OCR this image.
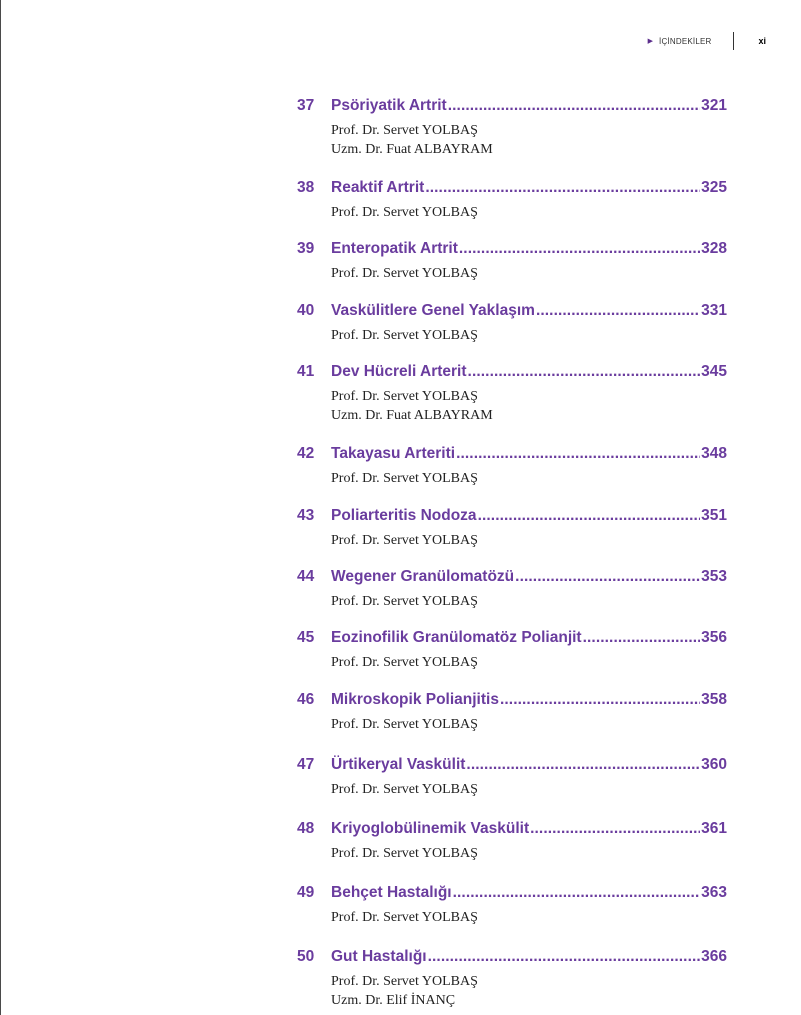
▶ İÇİNDEKİLER	xi
37	Psöriyatik Artrit .....	321
Prof. Dr. Servet YOLBAŞ
Uzm. Dr. Fuat ALBAYRAM
38	Reaktif Artrit .....	325
Prof. Dr. Servet YOLBAŞ
39	Enteropatik Artrit .....	328
Prof. Dr. Servet YOLBAŞ
40	Vaskülitlere Genel Yaklaşım .....	331
Prof. Dr. Servet YOLBAŞ
41	Dev Hücreli Arterit .....	345
Prof. Dr. Servet YOLBAŞ
Uzm. Dr. Fuat ALBAYRAM
42	Takayasu Arteriti .....	348
Prof. Dr. Servet YOLBAŞ
43	Poliarteritis Nodoza .....	351
Prof. Dr. Servet YOLBAŞ
44	Wegener Granülomatözü .....	353
Prof. Dr. Servet YOLBAŞ
45	Eozinofilik Granülomatöz Polianjit .....	356
Prof. Dr. Servet YOLBAŞ
46	Mikroskopik Polianjitis .....	358
Prof. Dr. Servet YOLBAŞ
47	Ürtikeryal Vaskülit .....	360
Prof. Dr. Servet YOLBAŞ
48	Kriyoglobülinemik Vaskülit .....	361
Prof. Dr. Servet YOLBAŞ
49	Behçet Hastalığı .....	363
Prof. Dr. Servet YOLBAŞ
50	Gut Hastalığı .....	366
Prof. Dr. Servet YOLBAŞ
Uzm. Dr. Elif İNANÇ
